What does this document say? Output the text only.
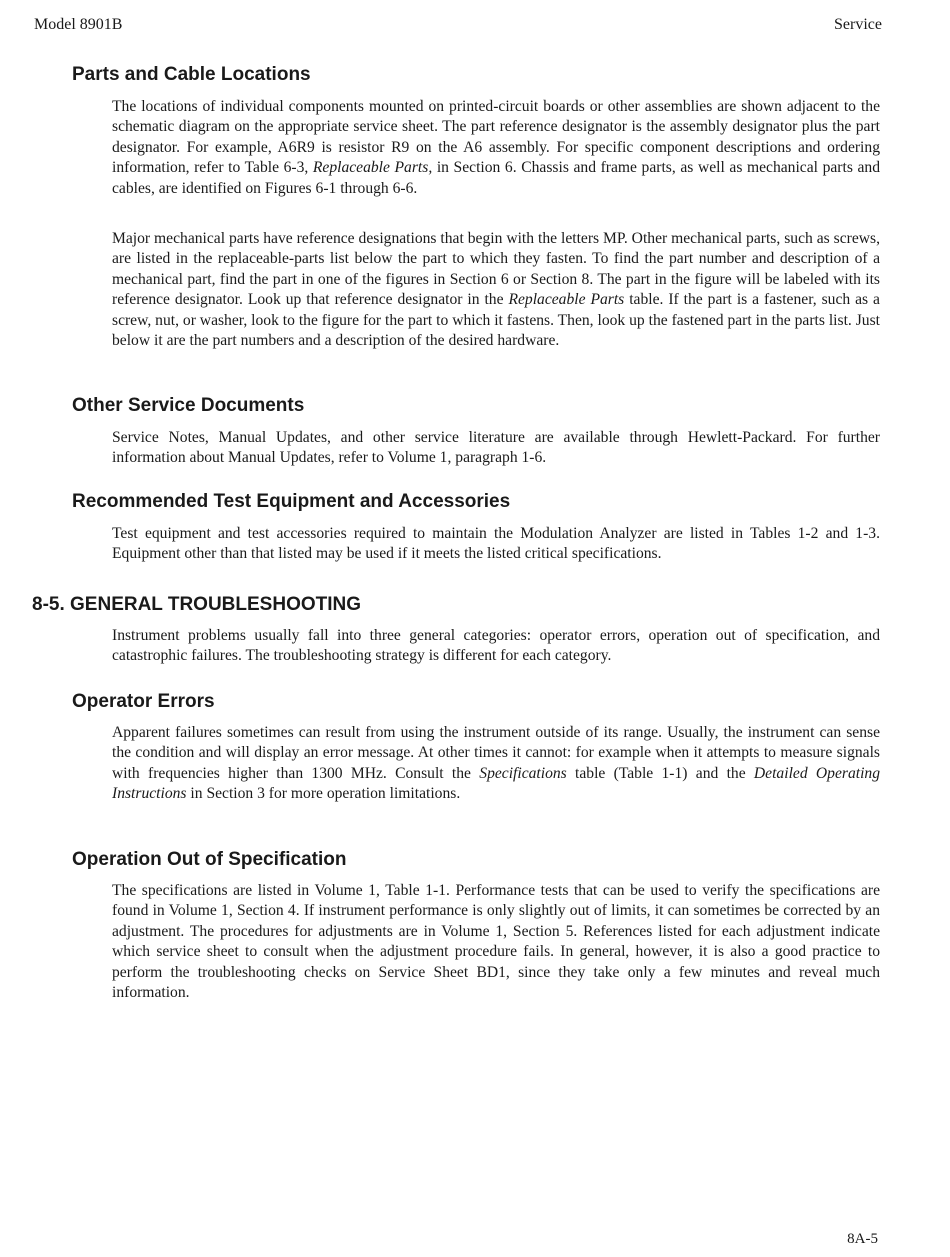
Model 8901B	Service
Parts and Cable Locations

The locations of individual components mounted on printed-circuit boards or other assemblies are shown adjacent to the schematic diagram on the appropriate service sheet. The part reference designator is the assembly designator plus the part designator. For example, A6R9 is resistor R9 on the A6 assembly. For specific component descriptions and ordering information, refer to Table 6-3, Replaceable Parts, in Section 6. Chassis and frame parts, as well as mechanical parts and cables, are identified on Figures 6-1 through 6-6.

Major mechanical parts have reference designations that begin with the letters MP. Other mechanical parts, such as screws, are listed in the replaceable-parts list below the part to which they fasten. To find the part number and description of a mechanical part, find the part in one of the figures in Section 6 or Section 8. The part in the figure will be labeled with its reference designator. Look up that reference designator in the Replaceable Parts table. If the part is a fastener, such as a screw, nut, or washer, look to the figure for the part to which it fastens. Then, look up the fastened part in the parts list. Just below it are the part numbers and a description of the desired hardware.

Other Service Documents

Service Notes, Manual Updates, and other service literature are available through Hewlett-Packard. For further information about Manual Updates, refer to Volume 1, paragraph 1-6.

Recommended Test Equipment and Accessories

Test equipment and test accessories required to maintain the Modulation Analyzer are listed in Tables 1-2 and 1-3. Equipment other than that listed may be used if it meets the listed critical specifications.

8-5. GENERAL TROUBLESHOOTING

Instrument problems usually fall into three general categories: operator errors, operation out of specification, and catastrophic failures. The troubleshooting strategy is different for each category.

Operator Errors

Apparent failures sometimes can result from using the instrument outside of its range. Usually, the instrument can sense the condition and will display an error message. At other times it cannot: for example when it attempts to measure signals with frequencies higher than 1300 MHz. Consult the Specifications table (Table 1-1) and the Detailed Operating Instructions in Section 3 for more operation limitations.

Operation Out of Specification

The specifications are listed in Volume 1, Table 1-1. Performance tests that can be used to verify the specifications are found in Volume 1, Section 4. If instrument performance is only slightly out of limits, it can sometimes be corrected by an adjustment. The procedures for adjustments are in Volume 1, Section 5. References listed for each adjustment indicate which service sheet to consult when the adjustment procedure fails. In general, however, it is also a good practice to perform the troubleshooting checks on Service Sheet BD1, since they take only a few minutes and reveal much information.

8A-5
